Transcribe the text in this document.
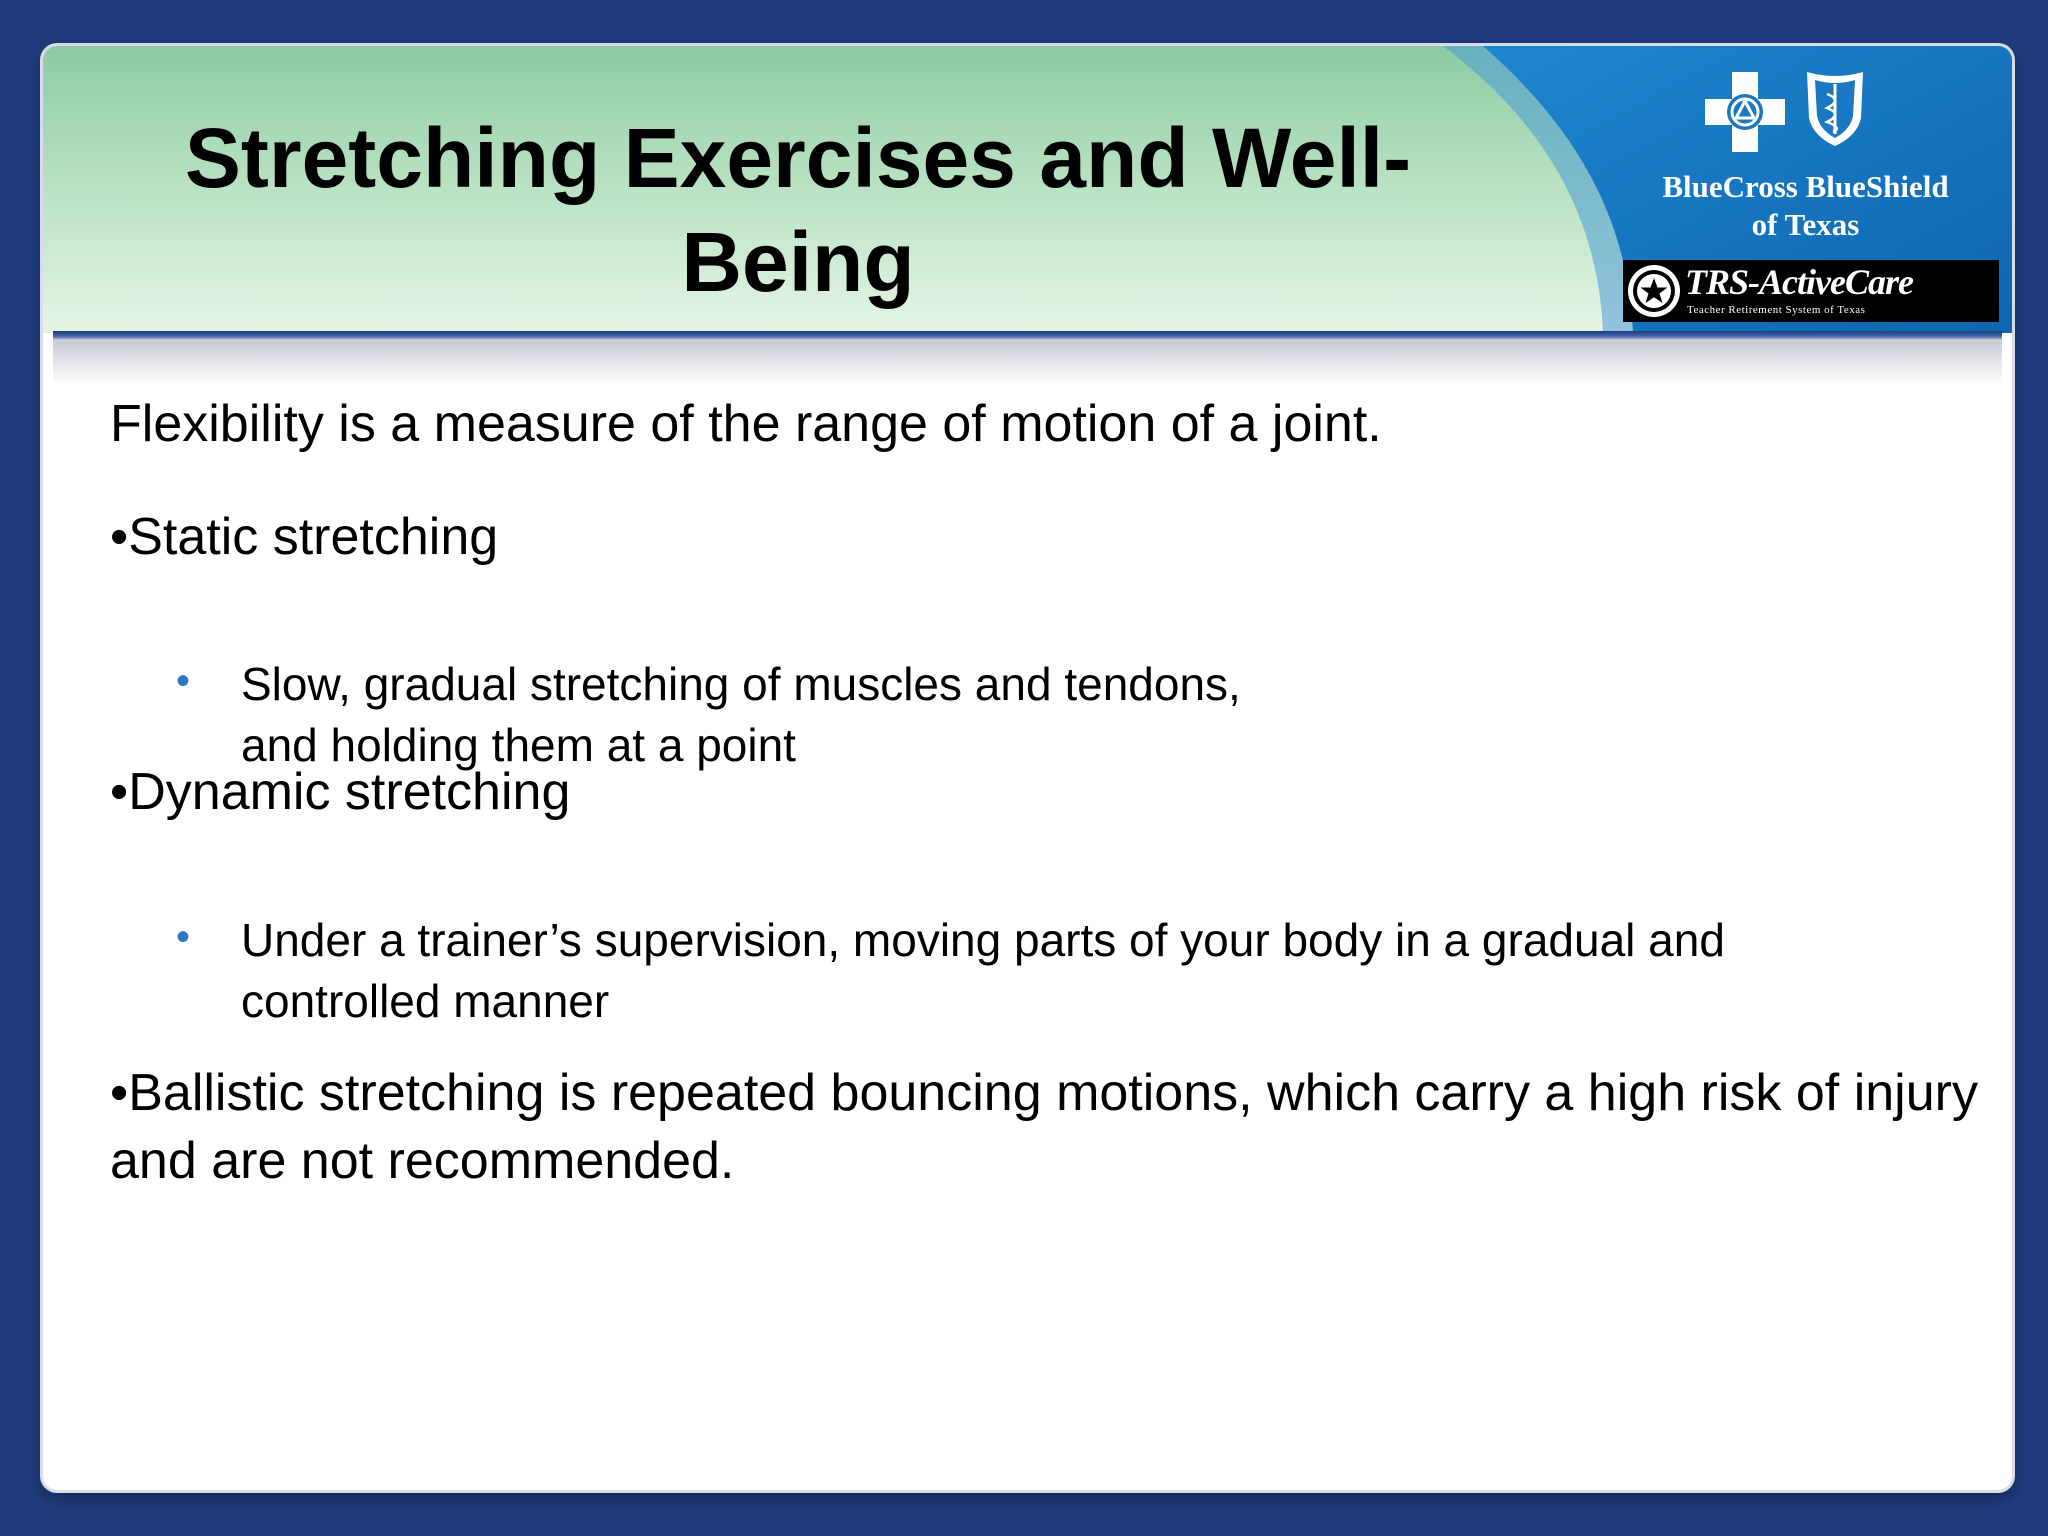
Stretching Exercises and Well-Being
BlueCross BlueShield
of Texas
TRS-ActiveCare
Teacher Retirement System of Texas
Flexibility is a measure of the range of motion of a joint.
•Static stretching
• Slow, gradual stretching of muscles and tendons,
and holding them at a point
•Dynamic stretching
• Under a trainer’s supervision, moving parts of your body in a gradual and
controlled manner
•Ballistic stretching is repeated bouncing motions, which carry a high risk of injury and are not recommended.
